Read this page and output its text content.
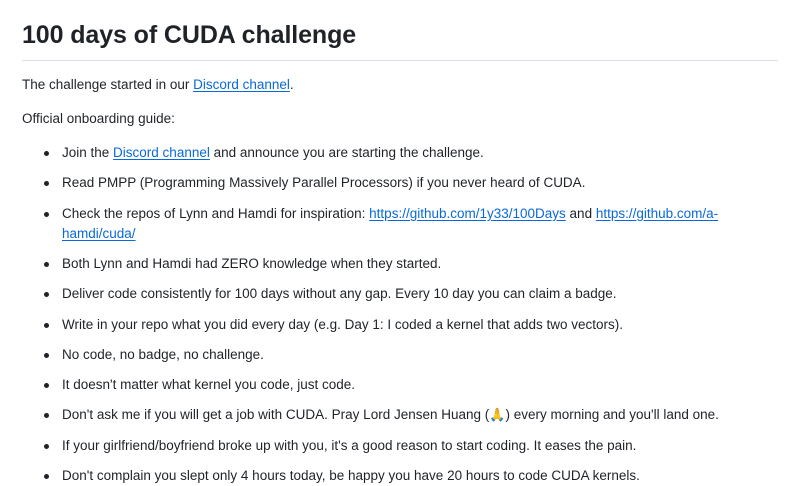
100 days of CUDA challenge

The challenge started in our Discord channel.

Official onboarding guide:

Join the Discord channel and announce you are starting the challenge.
Read PMPP (Programming Massively Parallel Processors) if you never heard of CUDA.
Check the repos of Lynn and Hamdi for inspiration: https://github.com/1y33/100Days and https://github.com/a-hamdi/cuda/
Both Lynn and Hamdi had ZERO knowledge when they started.
Deliver code consistently for 100 days without any gap. Every 10 day you can claim a badge.
Write in your repo what you did every day (e.g. Day 1: I coded a kernel that adds two vectors).
No code, no badge, no challenge.
It doesn't matter what kernel you code, just code.
Don't ask me if you will get a job with CUDA. Pray Lord Jensen Huang (🙏) every morning and you'll land one.
If your girlfriend/boyfriend broke up with you, it's a good reason to start coding. It eases the pain.
Don't complain you slept only 4 hours today, be happy you have 20 hours to code CUDA kernels.
